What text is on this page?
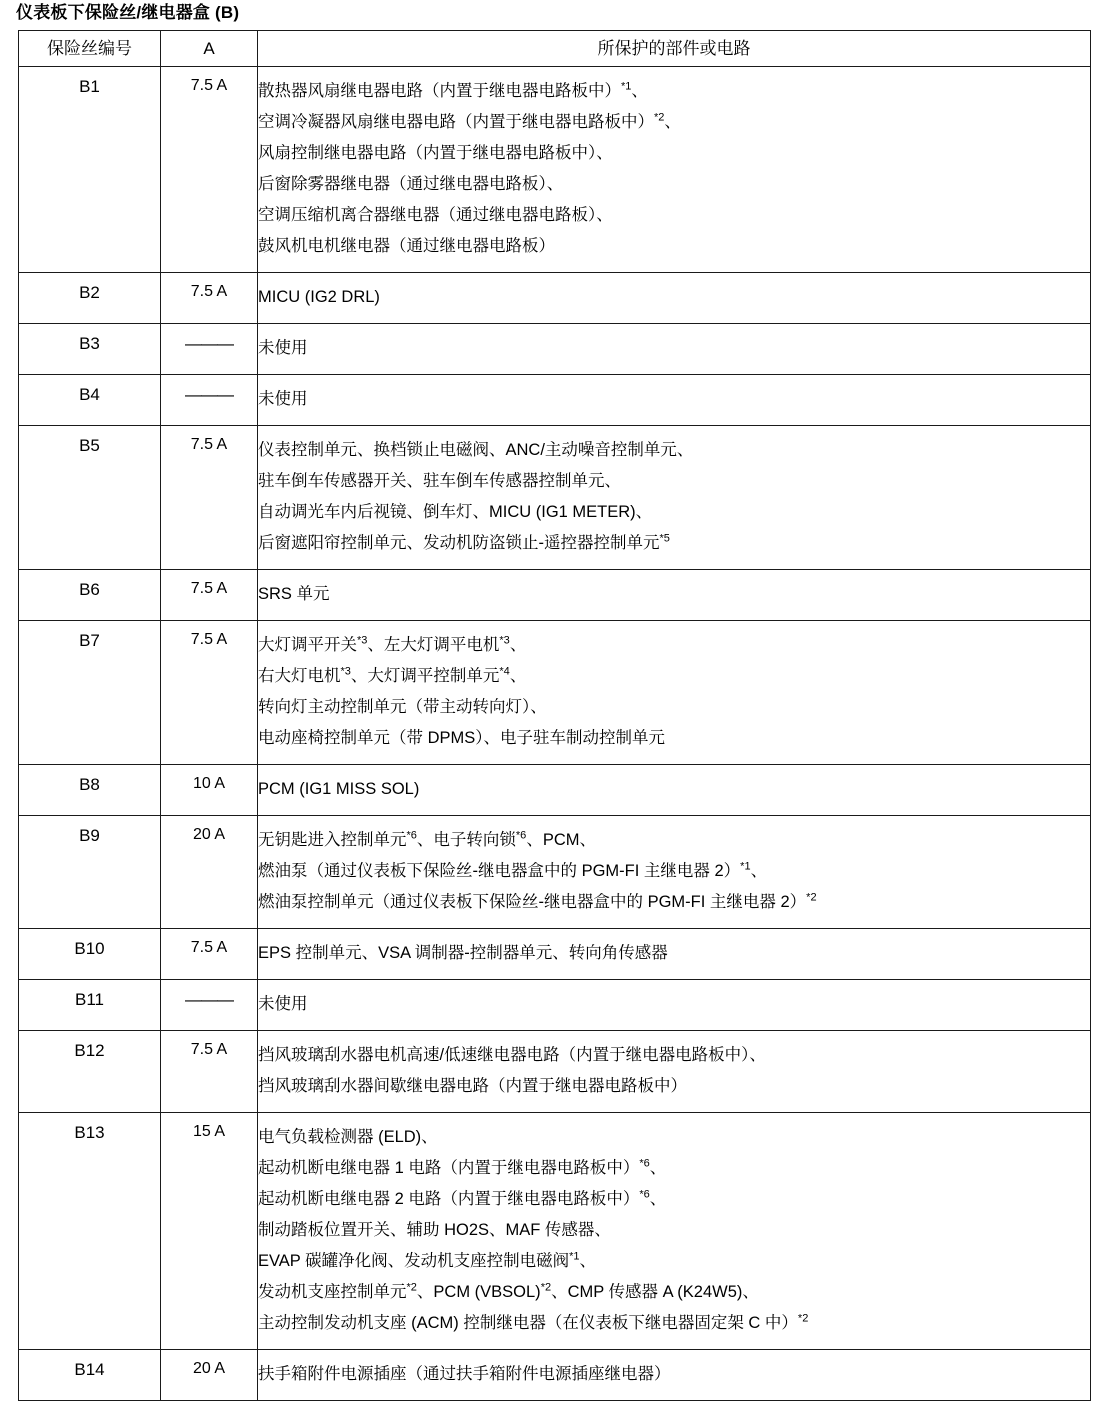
仪表板下保险丝/继电器盒 (B)
保险丝编号	A	所保护的部件或电路

B1	7.5 A	散热器风扇继电器电路（内置于继电器电路板中）$^{*1}$、
空调冷凝器风扇继电器电路（内置于继电器电路板中）$^{*2}$、
风扇控制继电器电路（内置于继电器电路板中）、
后窗除雾器继电器（通过继电器电路板）、
空调压缩机离合器继电器（通过继电器电路板）、
鼓风机电机继电器（通过继电器电路板）

B2	7.5 A	MICU (IG2 DRL)

B3	———	未使用

B4	———	未使用

B5	7.5 A	仪表控制单元、换档锁止电磁阀、ANC/主动噪音控制单元、
驻车倒车传感器开关、驻车倒车传感器控制单元、
自动调光车内后视镜、倒车灯、MICU (IG1 METER)、
后窗遮阳帘控制单元、发动机防盗锁止-遥控器控制单元$^{*5}$

B6	7.5 A	SRS 单元

B7	7.5 A	大灯调平开关$^{*3}$、左大灯调平电机$^{*3}$、
右大灯电机$^{*3}$、大灯调平控制单元$^{*4}$、
转向灯主动控制单元（带主动转向灯）、
电动座椅控制单元（带 DPMS）、电子驻车制动控制单元

B8	10 A	PCM (IG1 MISS SOL)

B9	20 A	无钥匙进入控制单元$^{*6}$、电子转向锁$^{*6}$、PCM、
燃油泵（通过仪表板下保险丝-继电器盒中的 PGM-FI 主继电器 2）$^{*1}$、
燃油泵控制单元（通过仪表板下保险丝-继电器盒中的 PGM-FI 主继电器 2）$^{*2}$

B10	7.5 A	EPS 控制单元、VSA 调制器-控制器单元、转向角传感器

B11	———	未使用

B12	7.5 A	挡风玻璃刮水器电机高速/低速继电器电路（内置于继电器电路板中）、
挡风玻璃刮水器间歇继电器电路（内置于继电器电路板中）

B13	15 A	电气负载检测器 (ELD)、
起动机断电继电器 1 电路（内置于继电器电路板中）$^{*6}$、
起动机断电继电器 2 电路（内置于继电器电路板中）$^{*6}$、
制动踏板位置开关、辅助 HO2S、MAF 传感器、
EVAP 碳罐净化阀、发动机支座控制电磁阀$^{*1}$、
发动机支座控制单元$^{*2}$、PCM (VBSOL)$^{*2}$、CMP 传感器 A (K24W5)、
主动控制发动机支座 (ACM) 控制继电器（在仪表板下继电器固定架 C 中）$^{*2}$

B14	20 A	扶手箱附件电源插座（通过扶手箱附件电源插座继电器）
